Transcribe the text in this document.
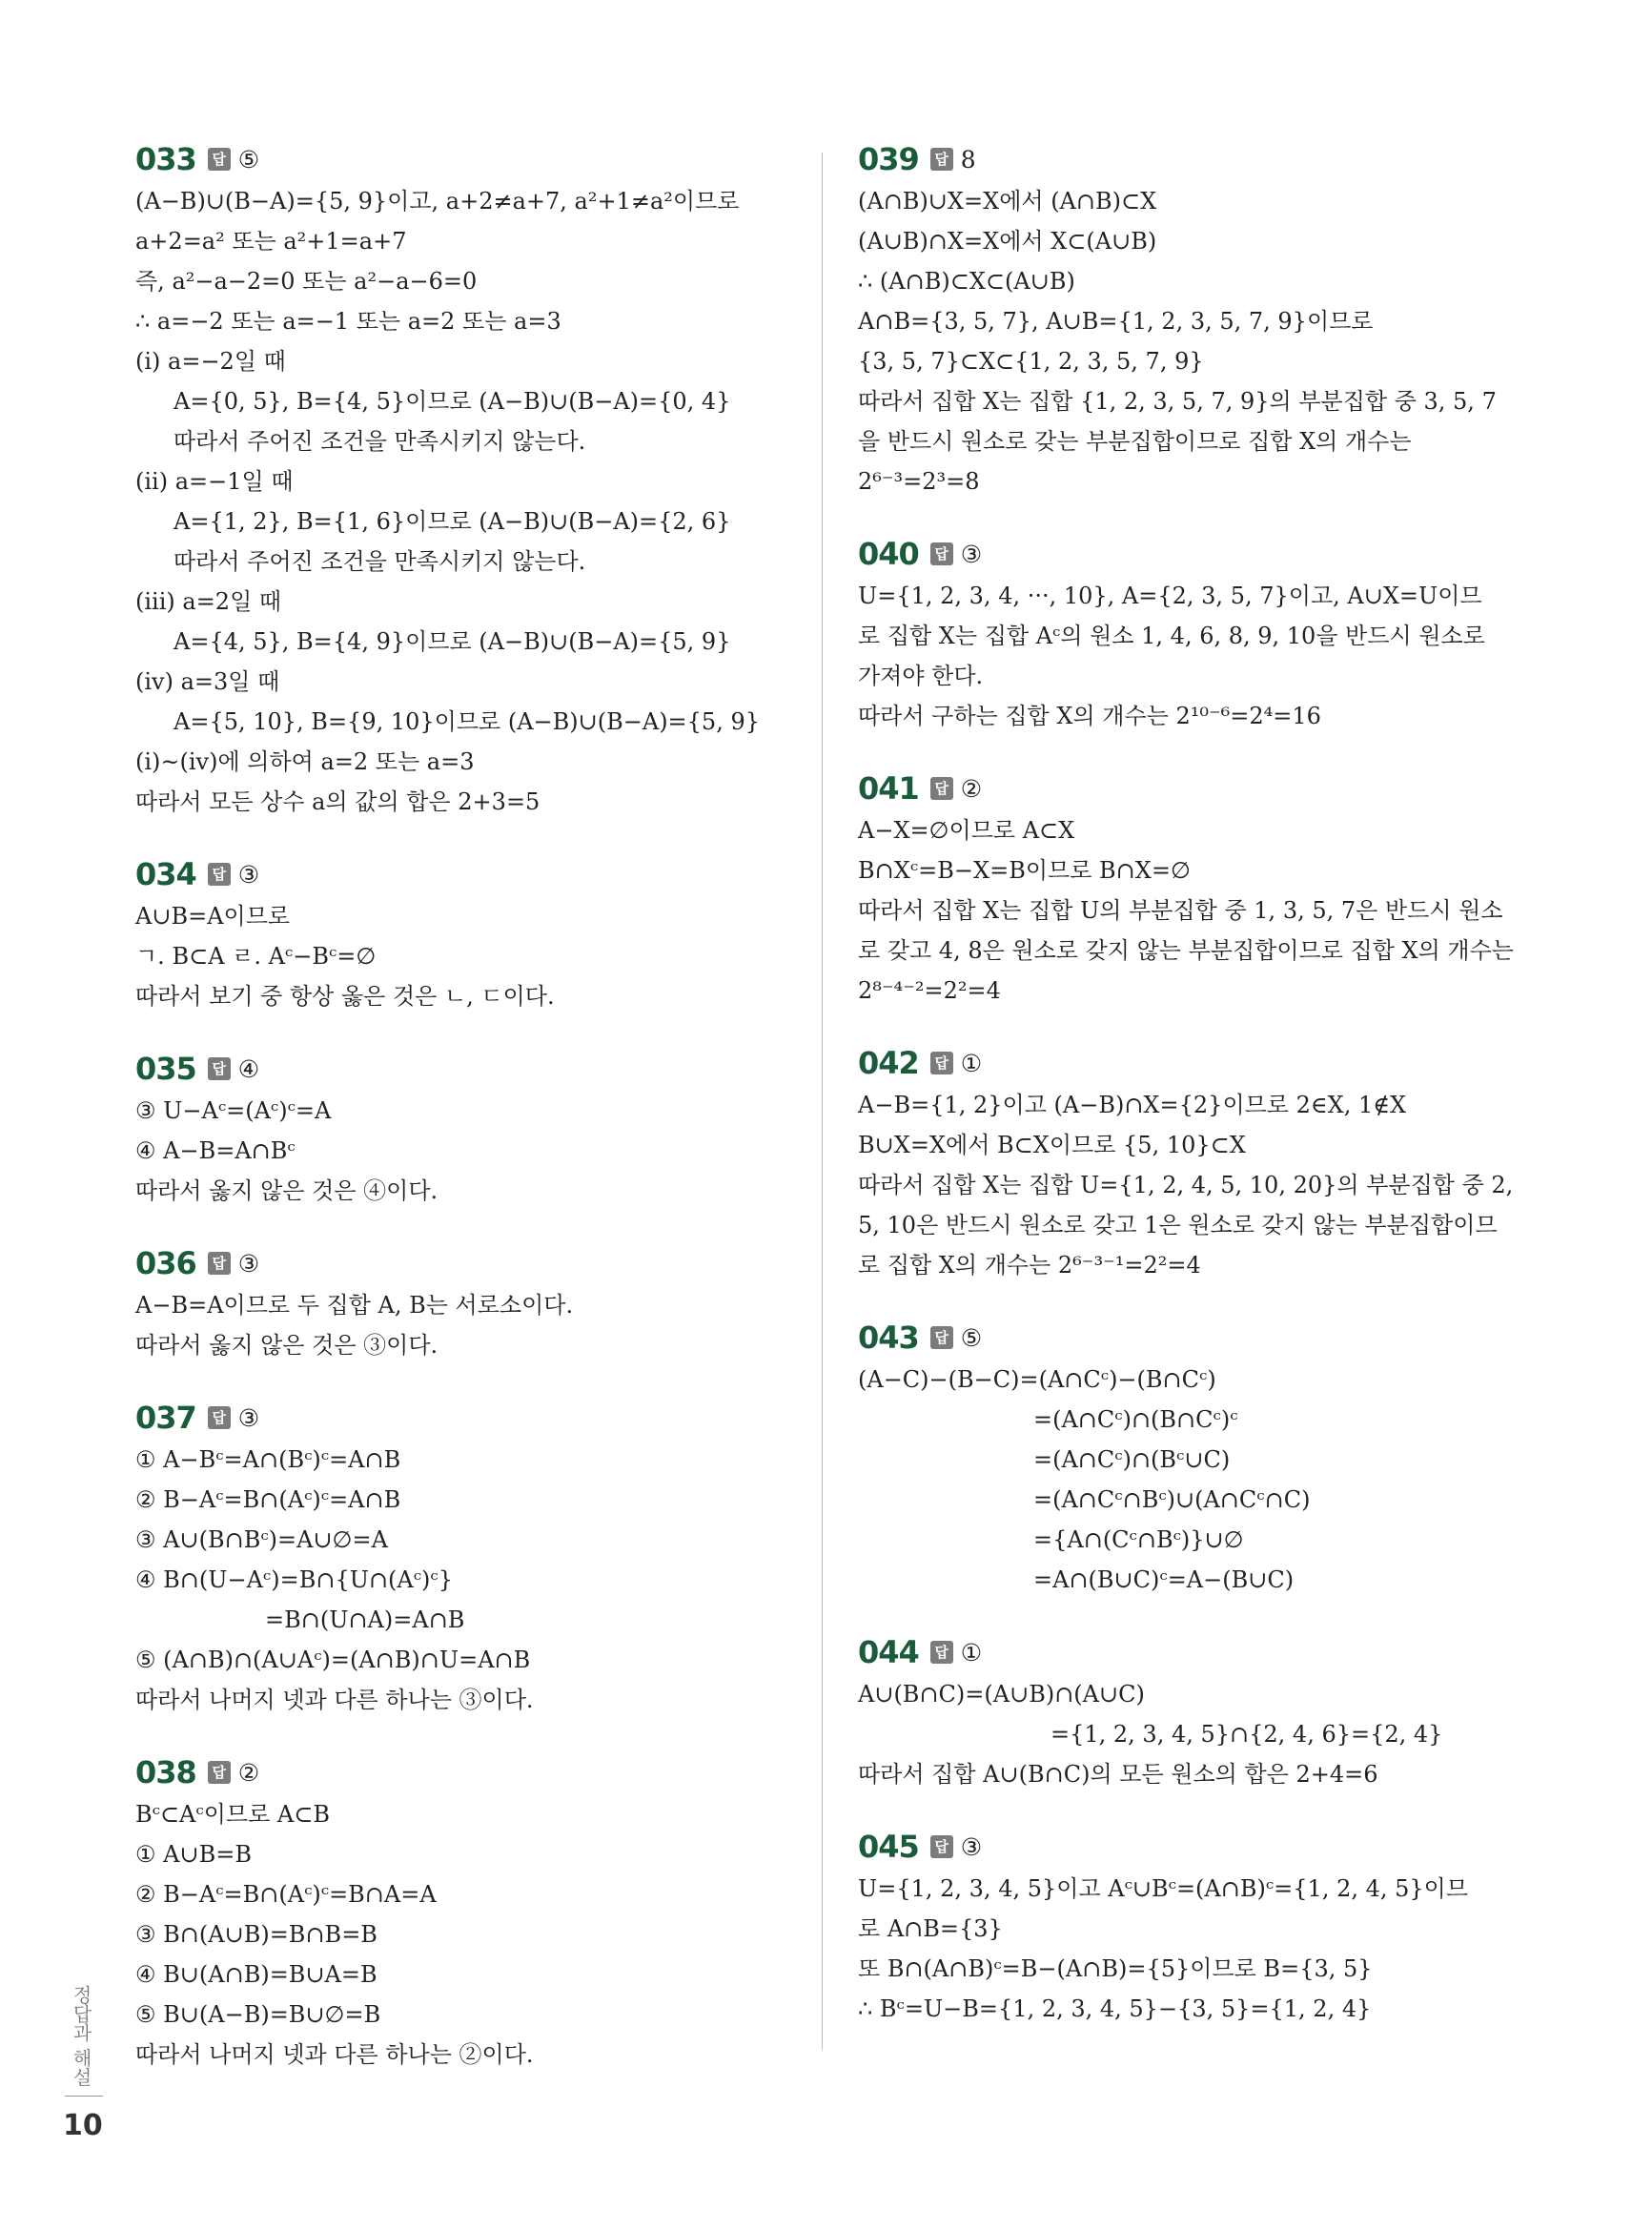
033	답 ⑤
(A−B)∪(B−A)={5, 9}이고, a+2≠a+7, a²+1≠a²이므로
a+2=a² 또는 a²+1=a+7
즉, a²−a−2=0 또는 a²−a−6=0
∴ a=−2 또는 a=−1 또는 a=2 또는 a=3
(i) a=−2일 때
A={0, 5}, B={4, 5}이므로 (A−B)∪(B−A)={0, 4}
따라서 주어진 조건을 만족시키지 않는다.
(ii) a=−1일 때
A={1, 2}, B={1, 6}이므로 (A−B)∪(B−A)={2, 6}
따라서 주어진 조건을 만족시키지 않는다.
(iii) a=2일 때
A={4, 5}, B={4, 9}이므로 (A−B)∪(B−A)={5, 9}
(iv) a=3일 때
A={5, 10}, B={9, 10}이므로 (A−B)∪(B−A)={5, 9}
(i)~(iv)에 의하여 a=2 또는 a=3
따라서 모든 상수 a의 값의 합은 2+3=5
034	답 ③
A∪B=A이므로
ㄱ. B⊂A ㄹ. Aᶜ−Bᶜ=∅
따라서 보기 중 항상 옳은 것은 ㄴ, ㄷ이다.
035	답 ④
③ U−Aᶜ=(Aᶜ)ᶜ=A
④ A−B=A∩Bᶜ
따라서 옳지 않은 것은 ④이다.
036	답 ③
A−B=A이므로 두 집합 A, B는 서로소이다.
따라서 옳지 않은 것은 ③이다.
037	답 ③
① A−Bᶜ=A∩(Bᶜ)ᶜ=A∩B
② B−Aᶜ=B∩(Aᶜ)ᶜ=A∩B
③ A∪(B∩Bᶜ)=A∪∅=A
④ B∩(U−Aᶜ)=B∩{U∩(Aᶜ)ᶜ}
=B∩(U∩A)=A∩B
⑤ (A∩B)∩(A∪Aᶜ)=(A∩B)∩U=A∩B
따라서 나머지 넷과 다른 하나는 ③이다.
038	답 ②
Bᶜ⊂Aᶜ이므로 A⊂B
① A∪B=B
② B−Aᶜ=B∩(Aᶜ)ᶜ=B∩A=A
③ B∩(A∪B)=B∩B=B
④ B∪(A∩B)=B∪A=B
⑤ B∪(A−B)=B∪∅=B
따라서 나머지 넷과 다른 하나는 ②이다.
039	답 8
(A∩B)∪X=X에서 (A∩B)⊂X
(A∪B)∩X=X에서 X⊂(A∪B)
∴ (A∩B)⊂X⊂(A∪B)
A∩B={3, 5, 7}, A∪B={1, 2, 3, 5, 7, 9}이므로
{3, 5, 7}⊂X⊂{1, 2, 3, 5, 7, 9}
따라서 집합 X는 집합 {1, 2, 3, 5, 7, 9}의 부분집합 중 3, 5, 7
을 반드시 원소로 갖는 부분집합이므로 집합 X의 개수는
2⁶⁻³=2³=8
040	답 ③
U={1, 2, 3, 4, ···, 10}, A={2, 3, 5, 7}이고, A∪X=U이므
로 집합 X는 집합 Aᶜ의 원소 1, 4, 6, 8, 9, 10을 반드시 원소로
가져야 한다.
따라서 구하는 집합 X의 개수는 2¹⁰⁻⁶=2⁴=16
041	답 ②
A−X=∅이므로 A⊂X
B∩Xᶜ=B−X=B이므로 B∩X=∅
따라서 집합 X는 집합 U의 부분집합 중 1, 3, 5, 7은 반드시 원소
로 갖고 4, 8은 원소로 갖지 않는 부분집합이므로 집합 X의 개수는
2⁸⁻⁴⁻²=2²=4
042	답 ①
A−B={1, 2}이고 (A−B)∩X={2}이므로 2∈X, 1∉X
B∪X=X에서 B⊂X이므로 {5, 10}⊂X
따라서 집합 X는 집합 U={1, 2, 4, 5, 10, 20}의 부분집합 중 2,
5, 10은 반드시 원소로 갖고 1은 원소로 갖지 않는 부분집합이므
로 집합 X의 개수는 2⁶⁻³⁻¹=2²=4
043	답 ⑤
(A−C)−(B−C)=(A∩Cᶜ)−(B∩Cᶜ)
=(A∩Cᶜ)∩(B∩Cᶜ)ᶜ
=(A∩Cᶜ)∩(Bᶜ∪C)
=(A∩Cᶜ∩Bᶜ)∪(A∩Cᶜ∩C)
={A∩(Cᶜ∩Bᶜ)}∪∅
=A∩(B∪C)ᶜ=A−(B∪C)
044	답 ①
A∪(B∩C)=(A∪B)∩(A∪C)
={1, 2, 3, 4, 5}∩{2, 4, 6}={2, 4}
따라서 집합 A∪(B∩C)의 모든 원소의 합은 2+4=6
045	답 ③
U={1, 2, 3, 4, 5}이고 Aᶜ∪Bᶜ=(A∩B)ᶜ={1, 2, 4, 5}이므
로 A∩B={3}
또 B∩(A∩B)ᶜ=B−(A∩B)={5}이므로 B={3, 5}
∴ Bᶜ=U−B={1, 2, 3, 4, 5}−{3, 5}={1, 2, 4}
정답과 해설
10
